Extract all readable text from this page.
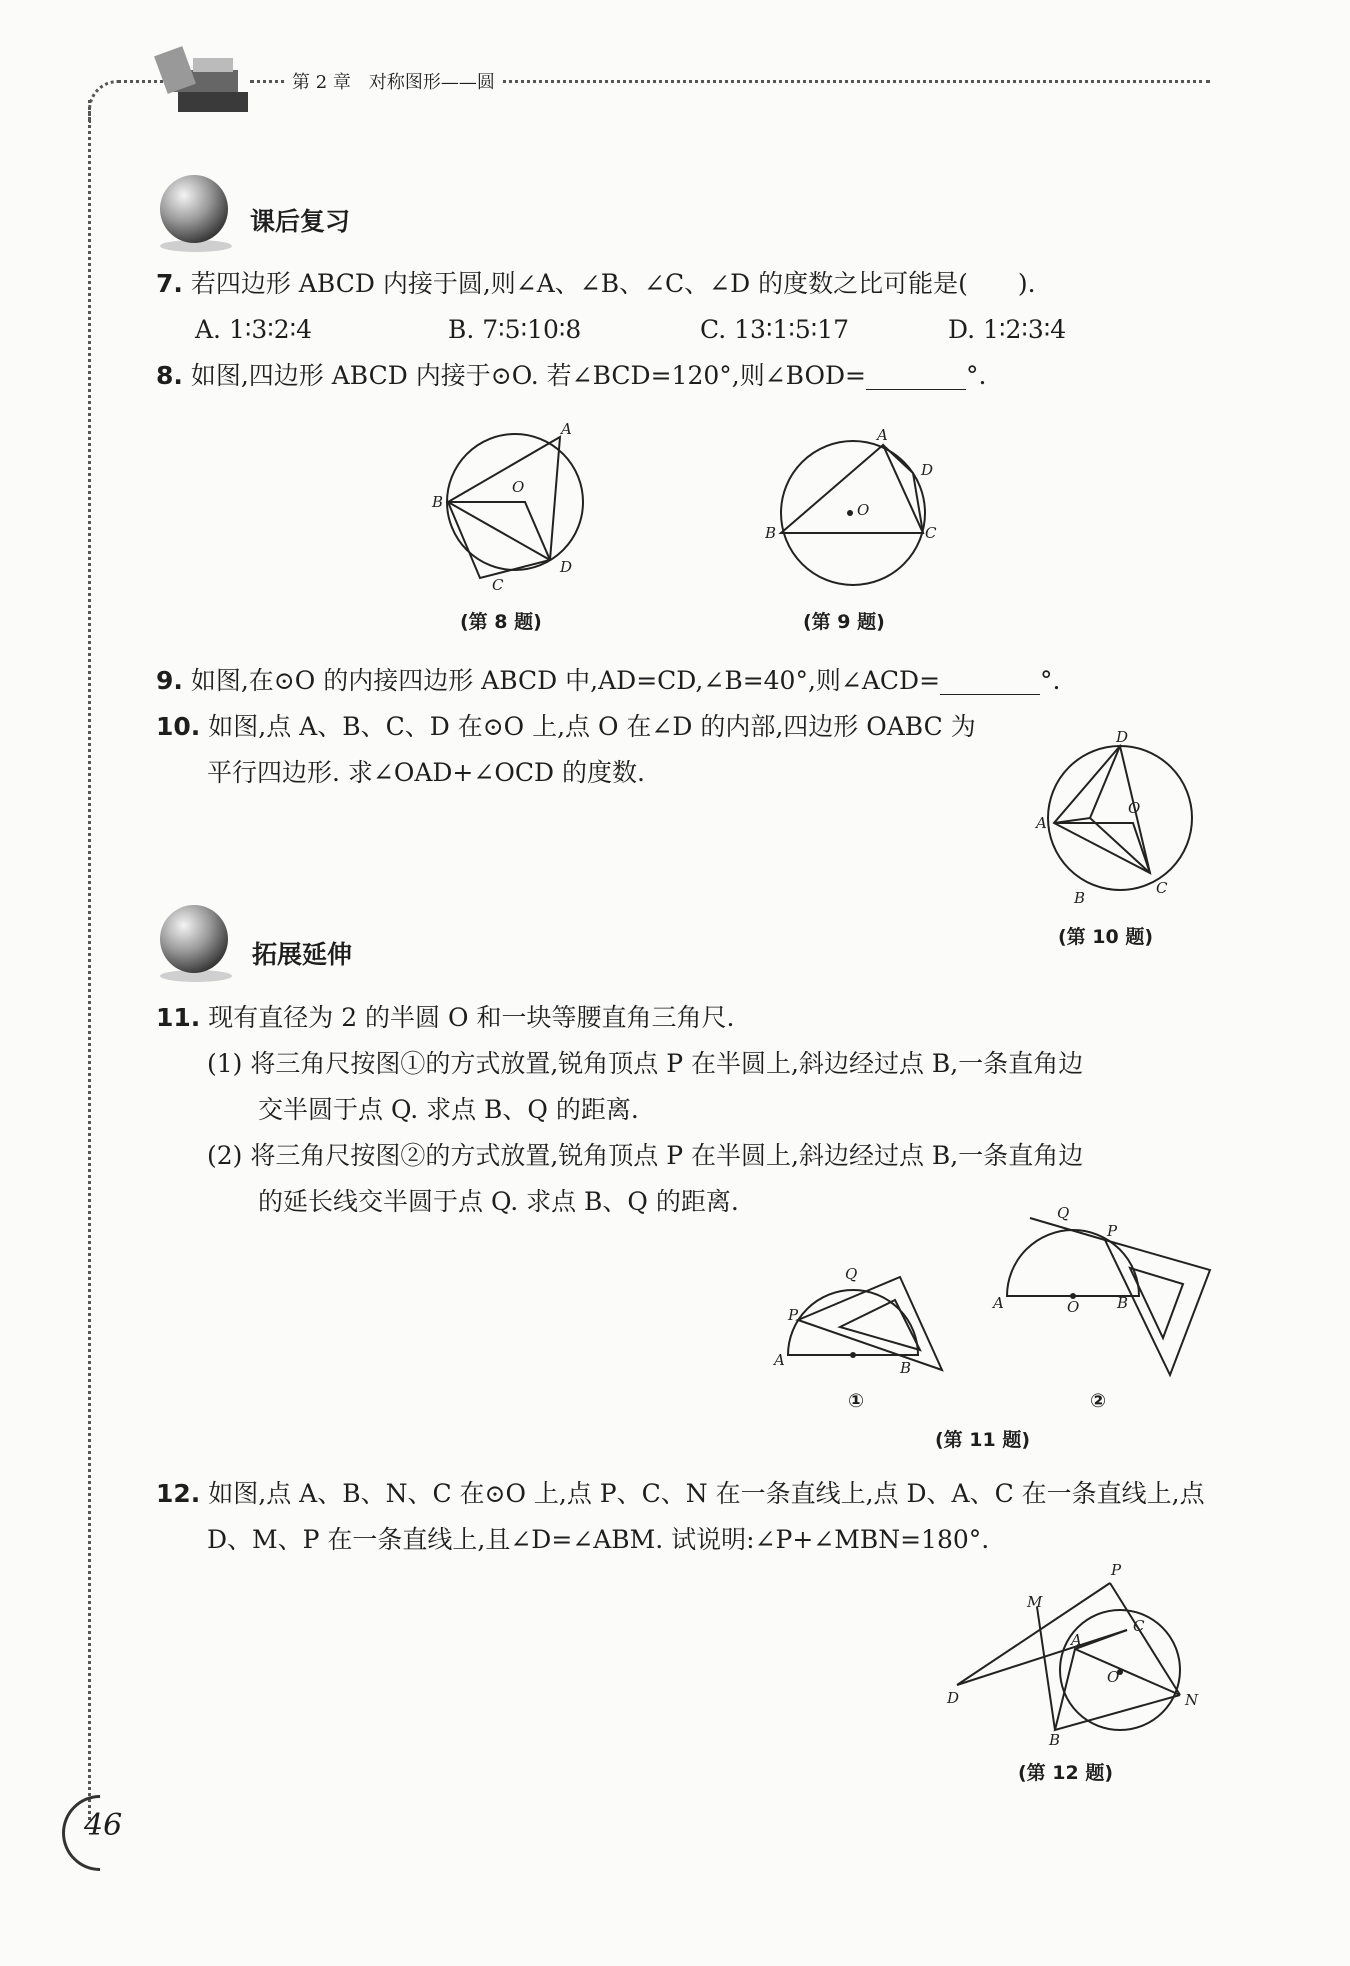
第 2 章　对称图形——圆
课后复习
7. 若四边形 ABCD 内接于圆,则∠A、∠B、∠C、∠D 的度数之比可能是(　　).
A. 1∶3∶2∶4	B. 7∶5∶10∶8	C. 13∶1∶5∶17	D. 1∶2∶3∶4
8. 如图,四边形 ABCD 内接于⊙O. 若∠BCD=120°,则∠BOD=________°.
A
B
C
D
O
(第 8 题)
A
B	C
D
O
(第 9 题)
9. 如图,在⊙O 的内接四边形 ABCD 中,AD=CD,∠B=40°,则∠ACD=________°.
10. 如图,点 A、B、C、D 在⊙O 上,点 O 在∠D 的内部,四边形 OABC 为
平行四边形. 求∠OAD+∠OCD 的度数.
D
A
B
C
O
(第 10 题)
拓展延伸
11. 现有直径为 2 的半圆 O 和一块等腰直角三角尺.
(1) 将三角尺按图①的方式放置,锐角顶点 P 在半圆上,斜边经过点 B,一条直角边
交半圆于点 Q. 求点 B、Q 的距离.
(2) 将三角尺按图②的方式放置,锐角顶点 P 在半圆上,斜边经过点 B,一条直角边
的延长线交半圆于点 Q. 求点 B、Q 的距离.
A	B
P
Q
①
A	O	B
Q
P
②
(第 11 题)
12. 如图,点 A、B、N、C 在⊙O 上,点 P、C、N 在一条直线上,点 D、A、C 在一条直线上,点
D、M、P 在一条直线上,且∠D=∠ABM. 试说明:∠P+∠MBN=180°.
P
M
C
A
D
O
N
B
(第 12 题)
46
